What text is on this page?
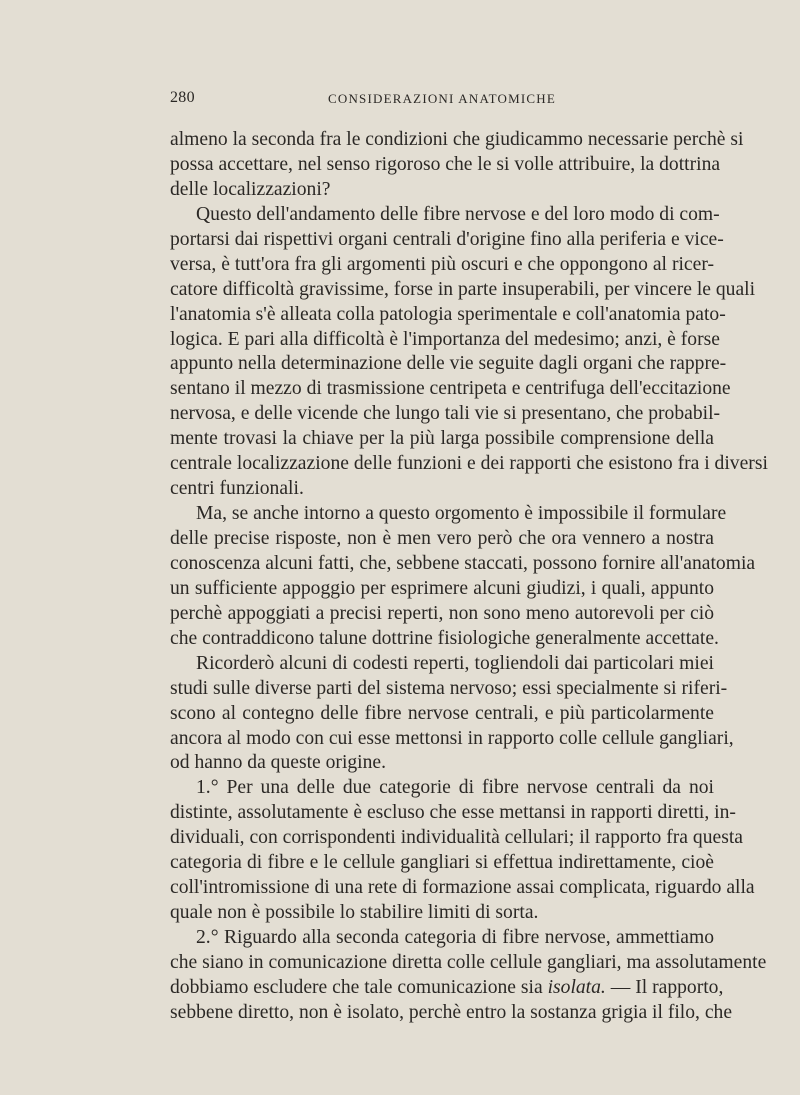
280	CONSIDERAZIONI ANATOMICHE
almeno la seconda fra le condizioni che giudicammo necessarie perchè si
possa accettare, nel senso rigoroso che le si volle attribuire, la dottrina
delle localizzazioni?
Questo dell'andamento delle fibre nervose e del loro modo di com-
portarsi dai rispettivi organi centrali d'origine fino alla periferia e vice-
versa, è tutt'ora fra gli argomenti più oscuri e che oppongono al ricer-
catore difficoltà gravissime, forse in parte insuperabili, per vincere le quali
l'anatomia s'è alleata colla patologia sperimentale e coll'anatomia pato-
logica. E pari alla difficoltà è l'importanza del medesimo; anzi, è forse
appunto nella determinazione delle vie seguite dagli organi che rappre-
sentano il mezzo di trasmissione centripeta e centrifuga dell'eccitazione
nervosa, e delle vicende che lungo tali vie si presentano, che probabil-
mente trovasi la chiave per la più larga possibile comprensione della
centrale localizzazione delle funzioni e dei rapporti che esistono fra i diversi
centri funzionali.
Ma, se anche intorno a questo orgomento è impossibile il formulare
delle precise risposte, non è men vero però che ora vennero a nostra
conoscenza alcuni fatti, che, sebbene staccati, possono fornire all'anatomia
un sufficiente appoggio per esprimere alcuni giudizi, i quali, appunto
perchè appoggiati a precisi reperti, non sono meno autorevoli per ciò
che contraddicono talune dottrine fisiologiche generalmente accettate.
Ricorderò alcuni di codesti reperti, togliendoli dai particolari miei
studi sulle diverse parti del sistema nervoso; essi specialmente si riferi-
scono al contegno delle fibre nervose centrali, e più particolarmente
ancora al modo con cui esse mettonsi in rapporto colle cellule gangliari,
od hanno da queste origine.
1.° Per una delle due categorie di fibre nervose centrali da noi
distinte, assolutamente è escluso che esse mettansi in rapporti diretti, in-
dividuali, con corrispondenti individualità cellulari; il rapporto fra questa
categoria di fibre e le cellule gangliari si effettua indirettamente, cioè
coll'intromissione di una rete di formazione assai complicata, riguardo alla
quale non è possibile lo stabilire limiti di sorta.
2.° Riguardo alla seconda categoria di fibre nervose, ammettiamo
che siano in comunicazione diretta colle cellule gangliari, ma assolutamente
dobbiamo escludere che tale comunicazione sia isolata. — Il rapporto,
sebbene diretto, non è isolato, perchè entro la sostanza grigia il filo, che
